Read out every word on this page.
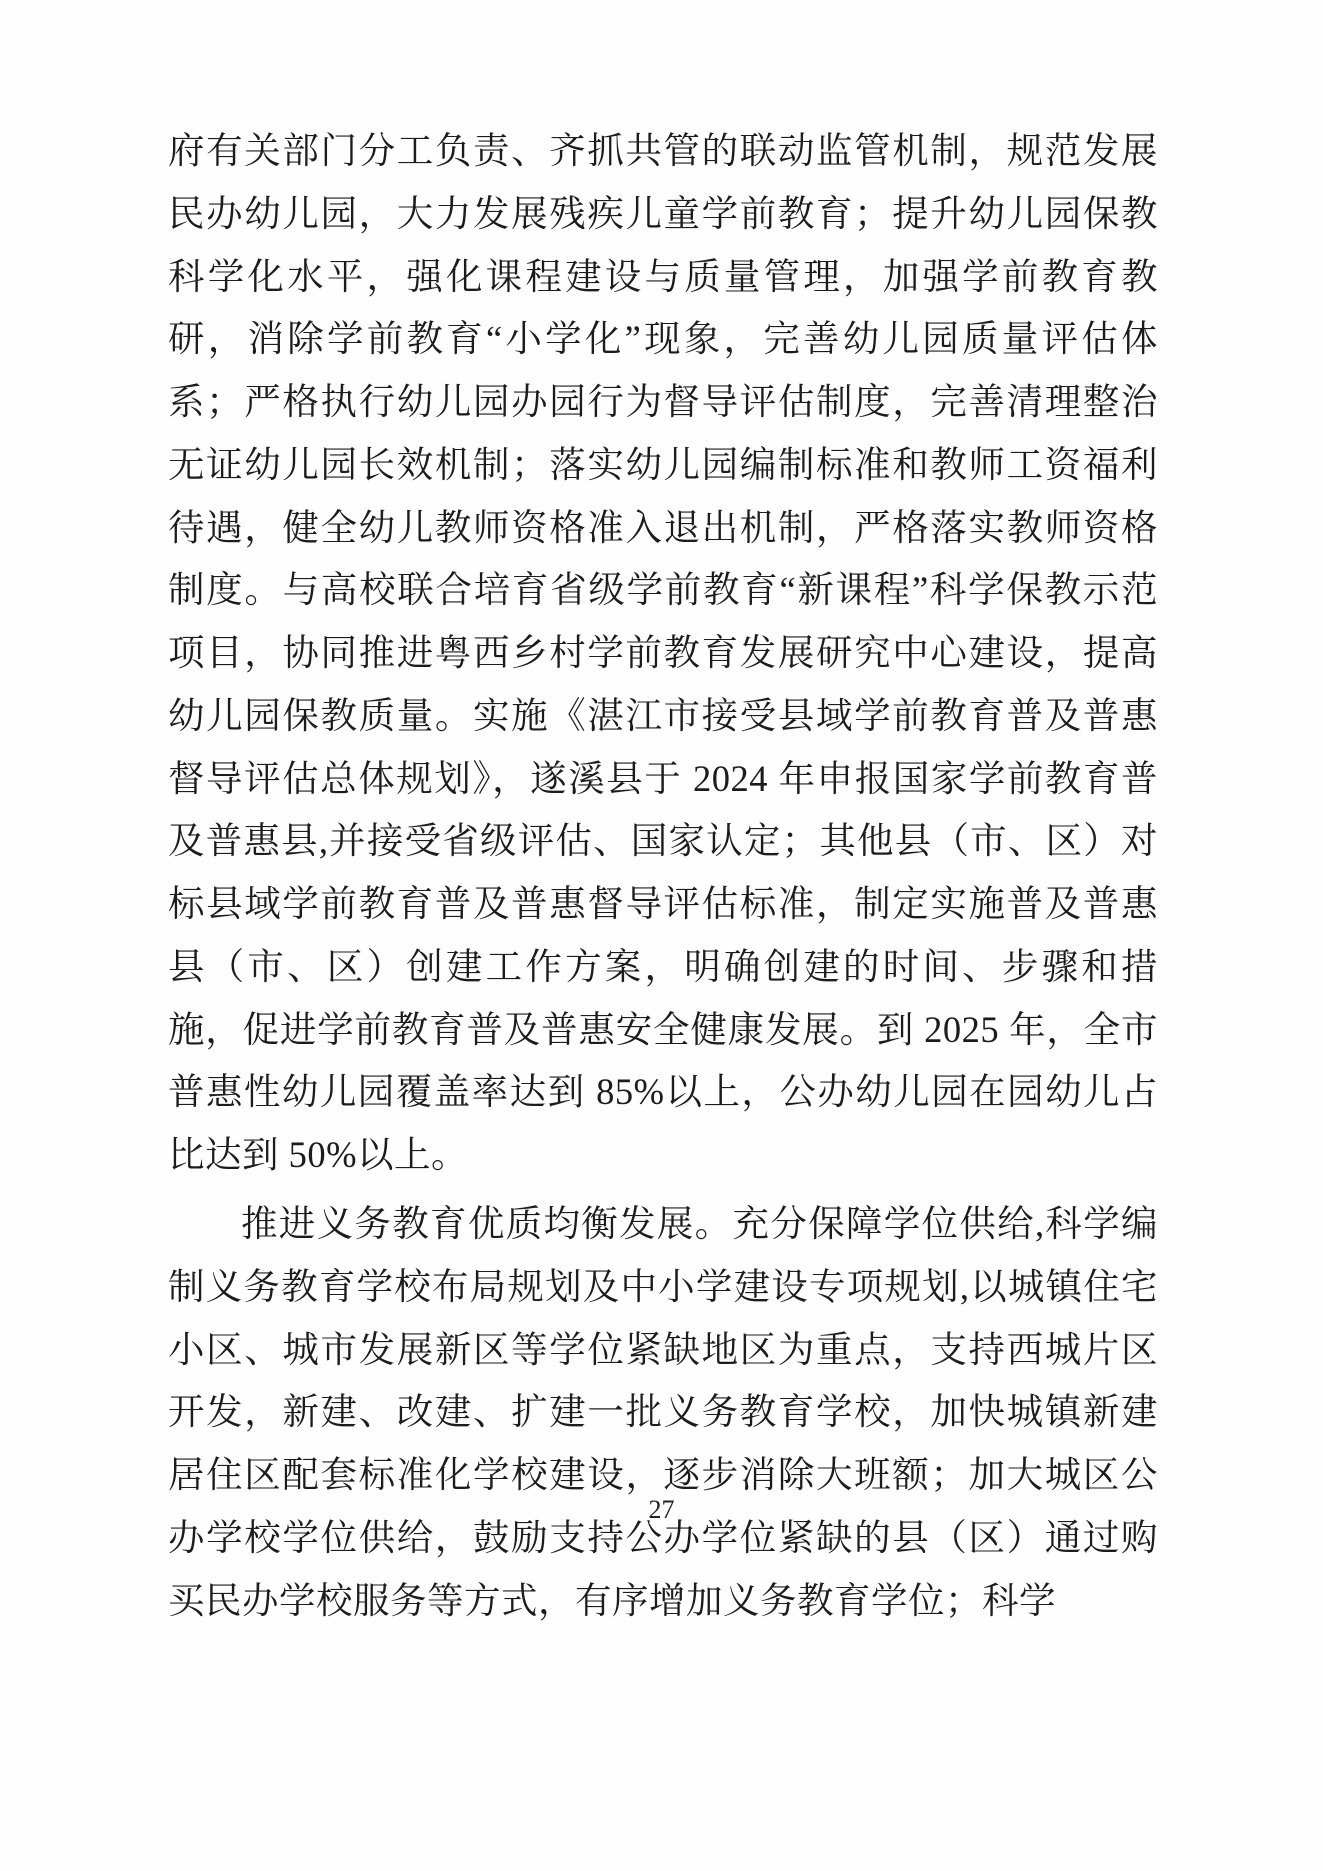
府有关部门分工负责、齐抓共管的联动监管机制，规范发展民办幼儿园，大力发展残疾儿童学前教育；提升幼儿园保教科学化水平，强化课程建设与质量管理，加强学前教育教研，消除学前教育“小学化”现象，完善幼儿园质量评估体系；严格执行幼儿园办园行为督导评估制度，完善清理整治无证幼儿园长效机制；落实幼儿园编制标准和教师工资福利待遇，健全幼儿教师资格准入退出机制，严格落实教师资格制度。与高校联合培育省级学前教育“新课程”科学保教示范项目，协同推进粤西乡村学前教育发展研究中心建设，提高幼儿园保教质量。实施《湛江市接受县域学前教育普及普惠督导评估总体规划》，遂溪县于 2024 年申报国家学前教育普及普惠县,并接受省级评估、国家认定；其他县（市、区）对标县域学前教育普及普惠督导评估标准，制定实施普及普惠县（市、区）创建工作方案，明确创建的时间、步骤和措施，促进学前教育普及普惠安全健康发展。到 2025 年，全市普惠性幼儿园覆盖率达到 85%以上，公办幼儿园在园幼儿占比达到 50%以上。

推进义务教育优质均衡发展。充分保障学位供给,科学编制义务教育学校布局规划及中小学建设专项规划,以城镇住宅小区、城市发展新区等学位紧缺地区为重点，支持西城片区开发，新建、改建、扩建一批义务教育学校，加快城镇新建居住区配套标准化学校建设，逐步消除大班额；加大城区公办学校学位供给，鼓励支持公办学位紧缺的县（区）通过购买民办学校服务等方式，有序增加义务教育学位；科学

27
